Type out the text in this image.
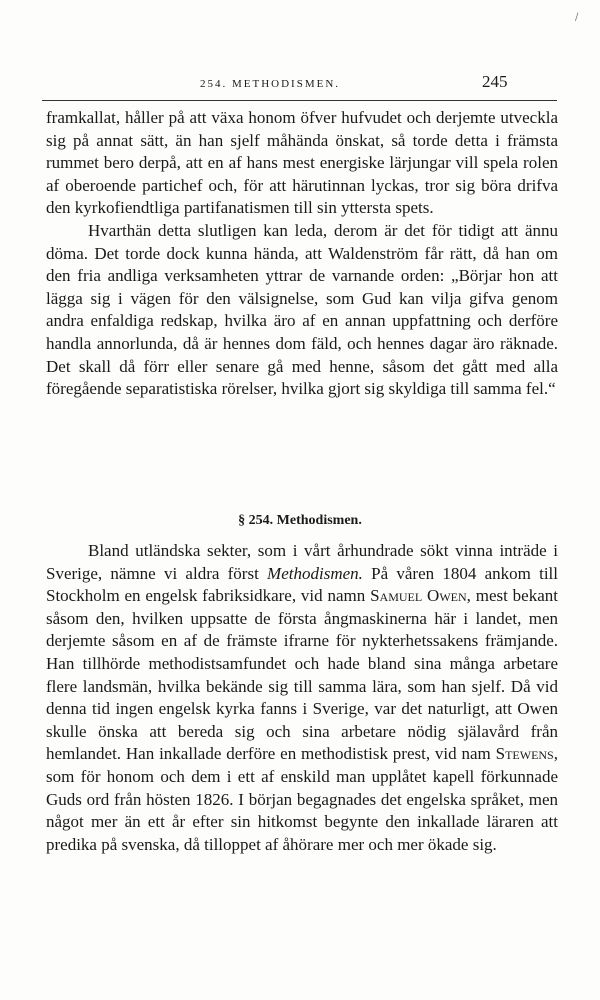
/
254. METHODISMEN.	245

framkallat, håller på att växa honom öfver hufvudet och derjemte utveckla sig på annat sätt, än han sjelf måhända önskat, så torde detta i främsta rummet bero derpå, att en af hans mest energiske lärjungar vill spela rolen af oberoende partichef och, för att härutinnan lyckas, tror sig böra drifva den kyrkofiendtliga partifanatismen till sin yttersta spets.

Hvarthän detta slutligen kan leda, derom är det för tidigt att ännu döma. Det torde dock kunna hända, att Waldenström får rätt, då han om den fria andliga verksamheten yttrar de varnande orden: „Börjar hon att lägga sig i vägen för den välsignelse, som Gud kan vilja gifva genom andra enfaldiga redskap, hvilka äro af en annan uppfattning och derföre handla annorlunda, då är hennes dom fäld, och hennes dagar äro räknade. Det skall då förr eller senare gå med henne, såsom det gått med alla föregående separatistiska rörelser, hvilka gjort sig skyldiga till samma fel.“

§ 254. Methodismen.

Bland utländska sekter, som i vårt århundrade sökt vinna inträde i Sverige, nämne vi aldra först Methodismen. På våren 1804 ankom till Stockholm en engelsk fabriksidkare, vid namn Samuel Owen, mest bekant såsom den, hvilken uppsatte de första ångmaskinerna här i landet, men derjemte såsom en af de främste ifrarne för nykterhetssakens främjande. Han tillhörde methodistsamfundet och hade bland sina många arbetare flere landsmän, hvilka bekände sig till samma lära, som han sjelf. Då vid denna tid ingen engelsk kyrka fanns i Sverige, var det naturligt, att Owen skulle önska att bereda sig och sina arbetare nödig själavård från hemlandet. Han inkallade derföre en methodistisk prest, vid nam Stewens, som för honom och dem i ett af enskild man upplåtet kapell förkunnade Guds ord från hösten 1826. I början begagnades det engelska språket, men något mer än ett år efter sin hitkomst begynte den inkallade läraren att predika på svenska, då tilloppet af åhörare mer och mer ökade sig.
